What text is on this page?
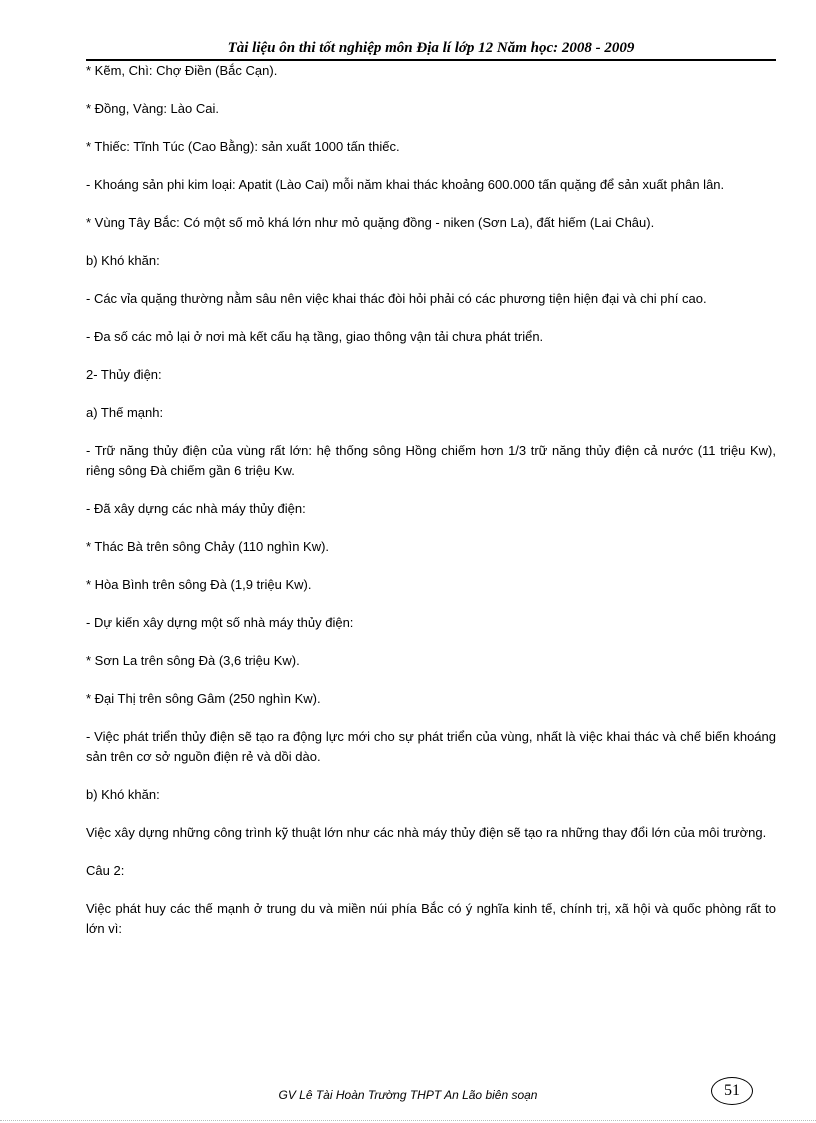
Tài liệu ôn thi tốt nghiệp môn Địa lí lớp 12 Năm học: 2008 - 2009

* Kẽm, Chì: Chợ Điền (Bắc Cạn).

* Đồng, Vàng: Lào Cai.

* Thiếc: Tĩnh Túc (Cao Bằng): sản xuất 1000 tấn thiếc.

- Khoáng sản phi kim loại: Apatit (Lào Cai) mỗi năm khai thác khoảng 600.000 tấn quặng để sản xuất phân lân.

* Vùng Tây Bắc: Có một số mỏ khá lớn như mỏ quặng đồng - niken (Sơn La), đất hiếm (Lai Châu).

b) Khó khăn:

- Các vỉa quặng thường nằm sâu nên việc khai thác đòi hỏi phải có các phương tiện hiện đại và chi phí cao.

- Đa số các mỏ lại ở nơi mà kết cấu hạ tầng, giao thông vận tải chưa phát triển.

2- Thủy điện:

a) Thế mạnh:

- Trữ năng thủy điện của vùng rất lớn: hệ thống sông Hồng chiếm hơn 1/3 trữ năng thủy điện cả nước (11 triệu Kw), riêng sông Đà chiếm gần 6 triệu Kw.

- Đã xây dựng các nhà máy thủy điện:

* Thác Bà trên sông Chảy (110 nghìn Kw).

* Hòa Bình trên sông Đà (1,9 triệu Kw).

- Dự kiến xây dựng một số nhà máy thủy điện:

* Sơn La trên sông Đà (3,6 triệu Kw).

* Đại Thị trên sông Gâm (250 nghìn Kw).

- Việc phát triển thủy điện sẽ tạo ra động lực mới cho sự phát triển của vùng, nhất là việc khai thác và chế biến khoáng sản trên cơ sở nguồn điện rẻ và dồi dào.

b) Khó khăn:

Việc xây dựng những công trình kỹ thuật lớn như các nhà máy thủy điện sẽ tạo ra những thay đổi lớn của môi trường.

Câu 2:

Việc phát huy các thế mạnh ở trung du và miền núi phía Bắc có ý nghĩa kinh tế, chính trị, xã hội và quốc phòng rất to lớn vì:

GV Lê Tài Hoàn Trường THPT An Lão biên soạn	51
